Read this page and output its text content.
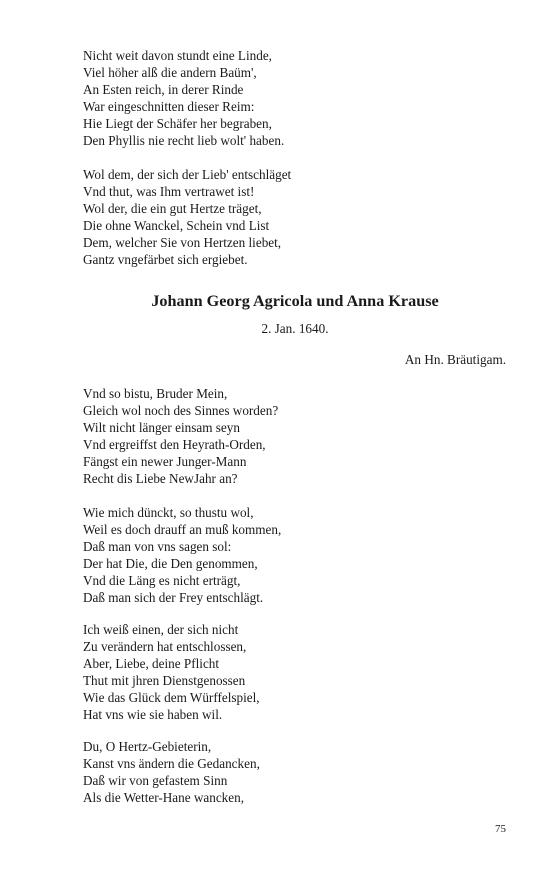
Nicht weit davon stundt eine Linde,
Viel höher alß die andern Baüm',
An Esten reich, in derer Rinde
War eingeschnitten dieser Reim:
Hie Liegt der Schäfer her begraben,
Den Phyllis nie recht lieb wolt' haben.
Wol dem, der sich der Lieb' entschläget
Vnd thut, was Ihm vertrawet ist!
Wol der, die ein gut Hertze träget,
Die ohne Wanckel, Schein vnd List
Dem, welcher Sie von Hertzen liebet,
Gantz vngefärbet sich ergiebet.
Johann Georg Agricola und Anna Krause
2. Jan. 1640.
An Hn. Bräutigam.
Vnd so bistu, Bruder Mein,
Gleich wol noch des Sinnes worden?
Wilt nicht länger einsam seyn
Vnd ergreiffst den Heyrath-Orden,
Fängst ein newer Junger-Mann
Recht dis Liebe NewJahr an?
Wie mich dünckt, so thustu wol,
Weil es doch drauff an muß kommen,
Daß man von vns sagen sol:
Der hat Die, die Den genommen,
Vnd die Läng es nicht erträgt,
Daß man sich der Frey entschlägt.
Ich weiß einen, der sich nicht
Zu verändern hat entschlossen,
Aber, Liebe, deine Pflicht
Thut mit jhren Dienstgenossen
Wie das Glück dem Würffelspiel,
Hat vns wie sie haben wil.
Du, O Hertz-Gebieterin,
Kanst vns ändern die Gedancken,
Daß wir von gefastem Sinn
Als die Wetter-Hane wancken,
75
